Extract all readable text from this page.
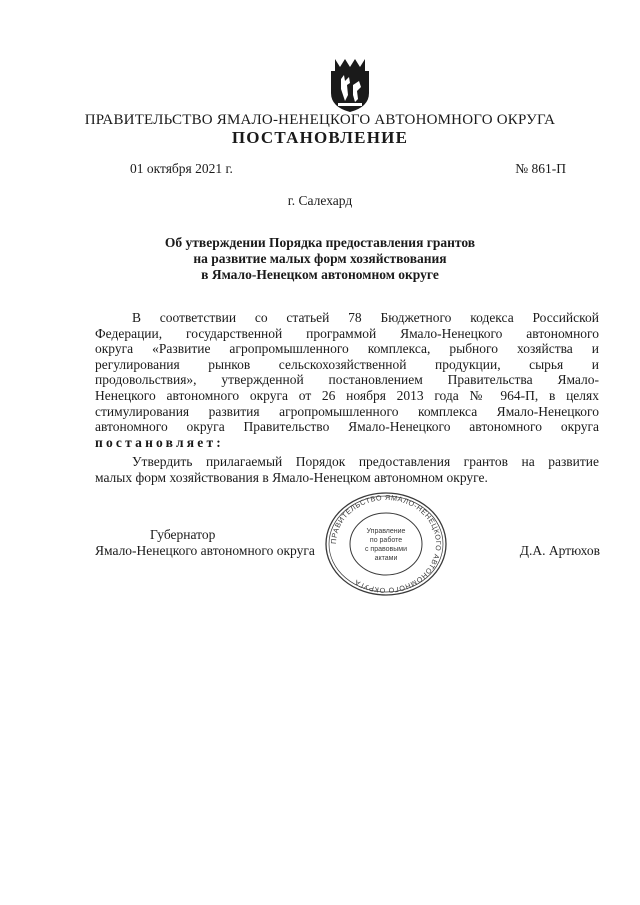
ПРАВИТЕЛЬСТВО ЯМАЛО-НЕНЕЦКОГО АВТОНОМНОГО ОКРУГА
ПОСТАНОВЛЕНИЕ
01 октября 2021 г.	№ 861-П
г. Салехард
Об утверждении Порядка предоставления грантов
на развитие малых форм хозяйствования
в Ямало-Ненецком автономном округе
В соответствии со статьей 78 Бюджетного кодекса Российской
Федерации, государственной программой Ямало-Ненецкого автономного
округа «Развитие агропромышленного комплекса, рыбного хозяйства и
регулирования рынков сельскохозяйственной продукции, сырья и
продовольствия», утвержденной постановлением Правительства Ямало-
Ненецкого автономного округа от 26 ноября 2013 года № 964-П, в целях
стимулирования развития агропромышленного комплекса Ямало-Ненецкого
автономного округа Правительство Ямало-Ненецкого автономного округа
постановляет:
Утвердить прилагаемый Порядок предоставления грантов на развитие
малых форм хозяйствования в Ямало-Ненецком автономном округе.
Губернатор
Ямало-Ненецкого автономного округа	Д.А. Артюхов
ПРАВИТЕЛЬСТВО ЯМАЛО-НЕНЕЦКОГО АВТОНОМНОГО ОКРУГА
Управление
по работе
с правовыми
актами
